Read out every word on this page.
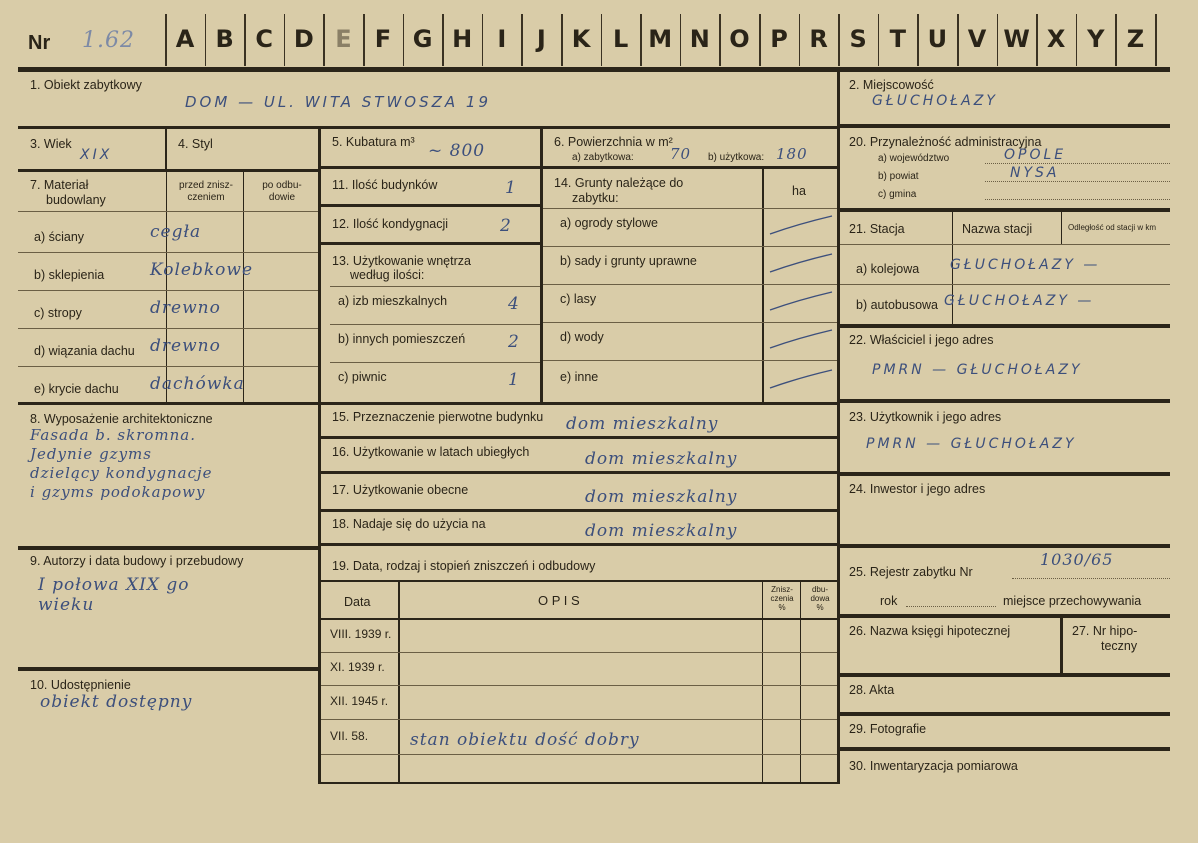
Nr 1.62	A B C D E F G H	I	J	K L M N O P R S T U V W X Y Z
1. Obiekt zabytkowy
DOM — UL. WITA STWOSZA 19
3. Wiek
XIX
4. Styl
7. Materiał
budowlany
przed znisz-
czeniem
po odbu-
dowie
a) ściany	cegła
b) sklepienia	Kolebkowe
c) stropy	drewno
d) wiązania dachu drewno
e) krycie dachu dachówka
8. Wyposażenie architektoniczne
Fasada b. skromna.
Jedynie gzyms
dzielący kondygnacje
i gzyms podokapowy
9. Autorzy i data budowy i przebudowy
I połowa XIX go
wieku
10. Udostępnienie
obiekt dostępny
5. Kubatura m³ ~ 800	6. Powierzchnia w m²
a) zabytkowa: 70 b) użytkowa: 180
11. Ilość budynków	1
12. Ilość kondygnacji	2
13. Użytkowanie wnętrza
według ilości:
a) izb mieszkalnych	4
b) innych pomieszczeń	2
c) piwnic	1
14. Grunty należące do
zabytku:	ha
a) ogrody stylowe
b) sady i grunty uprawne
c) lasy
d) wody
e) inne
15. Przeznaczenie pierwotne budynku dom mieszkalny
16. Użytkowanie w latach ubiegłych	dom mieszkalny
17. Użytkowanie obecne	dom mieszkalny
18. Nadaje się do użycia na	dom mieszkalny
19. Data, rodzaj i stopień zniszczeń i odbudowy
Data	O P I S
Znisz-
czenia
%
dbu-
dowa
%
VIII. 1939 r.
XI. 1939 r.
XII. 1945 r.
VII. 58. stan obiektu dość dobry
2. Miejscowość
GŁUCHOŁAZY
20. Przynależność administracyjna
a) województwo	OPOLE
b) powiat	NYSA
c) gmina
21. Stacja	Nazwa stacji	Odległość od stacji w km
a) kolejowa GŁUCHOŁAZY —
b) autobusowa GŁUCHOŁAZY —
22. Właściciel i jego adres
PMRN — GŁUCHOŁAZY
23. Użytkownik i jego adres
PMRN — GŁUCHOŁAZY
24. Inwestor i jego adres
25. Rejestr zabytku Nr
1030/65
rok	miejsce przechowywania
26. Nazwa księgi hipotecznej	27. Nr hipo-
teczny
28. Akta
29. Fotografie
30. Inwentaryzacja pomiarowa
